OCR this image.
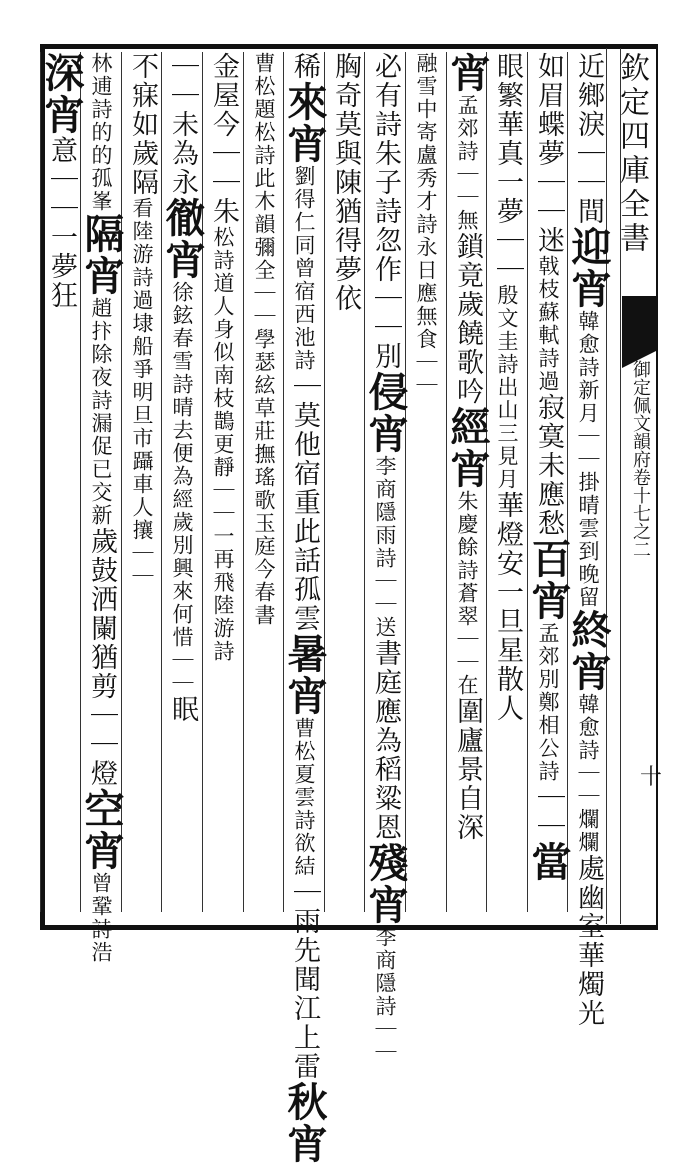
欽定四庫全書
御定佩文韻府卷十七之二
十
近鄉淚｜｜間迎宵韓愈詩新月｜｜掛晴雲到晚留終宵韓愈詩｜｜爛爛處幽室華燭光
如眉蝶夢｜｜迷戟枝蘇軾詩過寂寞未應愁百宵孟郊別鄭相公詩｜｜當
眼繁華真一夢｜｜殷文圭詩出山三見月華燈安一旦星散人
宵孟郊詩｜｜無鎖竟歲饒歌吟經宵朱慶餘詩蒼翠｜｜在圍廬景自深
融雪中寄盧秀才詩永日應無食｜｜
必有詩朱子詩忽作｜｜別侵宵李商隱雨詩｜｜送書庭應為稻粱恩殘宵李商隱詩｜｜
胸奇莫與陳猶得夢依
稀來宵劉得仁同曾宿西池詩｜莫他宿重此話孤雲暑宵曹松夏雲詩欲結｜雨先聞江上雷秋宵
曹松題松詩此木韻彌全｜｜學瑟絃草莊撫瑤歌玉庭今春書
金屋今｜｜朱松詩道人身似南枝鵲更靜｜｜一再飛陸游詩
｜｜未為永徹宵徐鉉春雪詩晴去便為經歲別興來何惜｜｜眠
不寐如歲隔看陸游詩過埭船爭明旦市躡車人攘｜｜
林逋詩的的孤峯隔宵趙抃除夜詩漏促已交新歲鼓洒闌猶剪｜｜燈空宵曾鞏詩浩
深宵意｜｜一夢狂
